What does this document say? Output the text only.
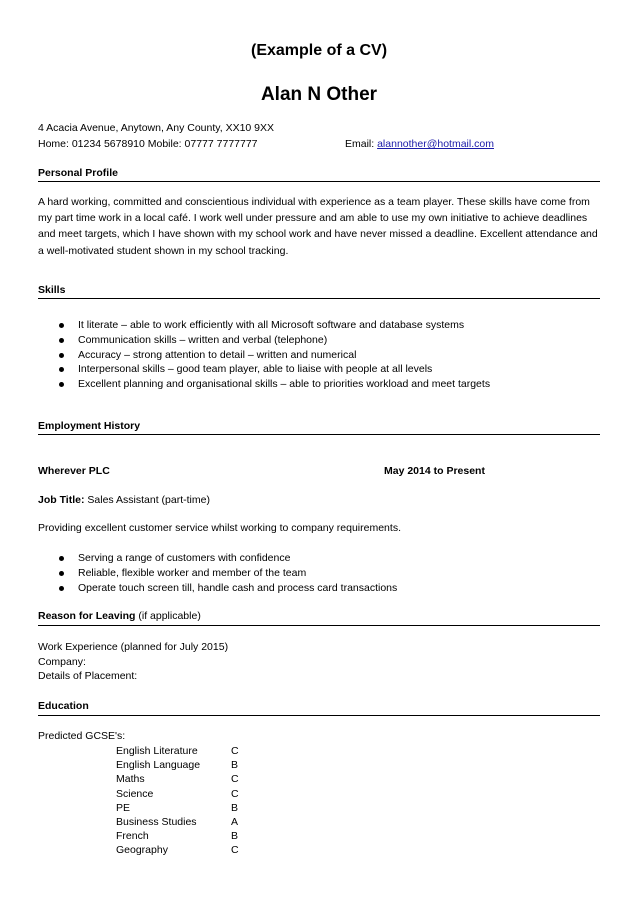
(Example of a CV)
Alan N Other
4 Acacia Avenue, Anytown, Any County, XX10 9XX
Home: 01234 5678910 Mobile: 07777 7777777	Email: alannother@hotmail.com
Personal Profile
A hard working, committed and conscientious individual with experience as a team player. These skills have come from my part time work in a local café. I work well under pressure and am able to use my own initiative to achieve deadlines and meet targets, which I have shown with my school work and have never missed a deadline. Excellent attendance and a well-motivated student shown in my school tracking.
Skills
It literate – able to work efficiently with all Microsoft software and database systems
Communication skills – written and verbal (telephone)
Accuracy – strong attention to detail – written and numerical
Interpersonal skills – good team player, able to liaise with people at all levels
Excellent planning and organisational skills – able to priorities workload and meet targets
Employment History
Wherever PLC	May 2014 to Present
Job Title: Sales Assistant (part-time)
Providing excellent customer service whilst working to company requirements.
Serving a range of customers with confidence
Reliable, flexible worker and member of the team
Operate touch screen till, handle cash and process card transactions
Reason for Leaving (if applicable)
Work Experience (planned for July 2015)
Company:
Details of Placement:
Education
Predicted GCSE's:
English Literature	C
English Language	B
Maths	C
Science	C
PE	B
Business Studies	A
French	B
Geography	C
